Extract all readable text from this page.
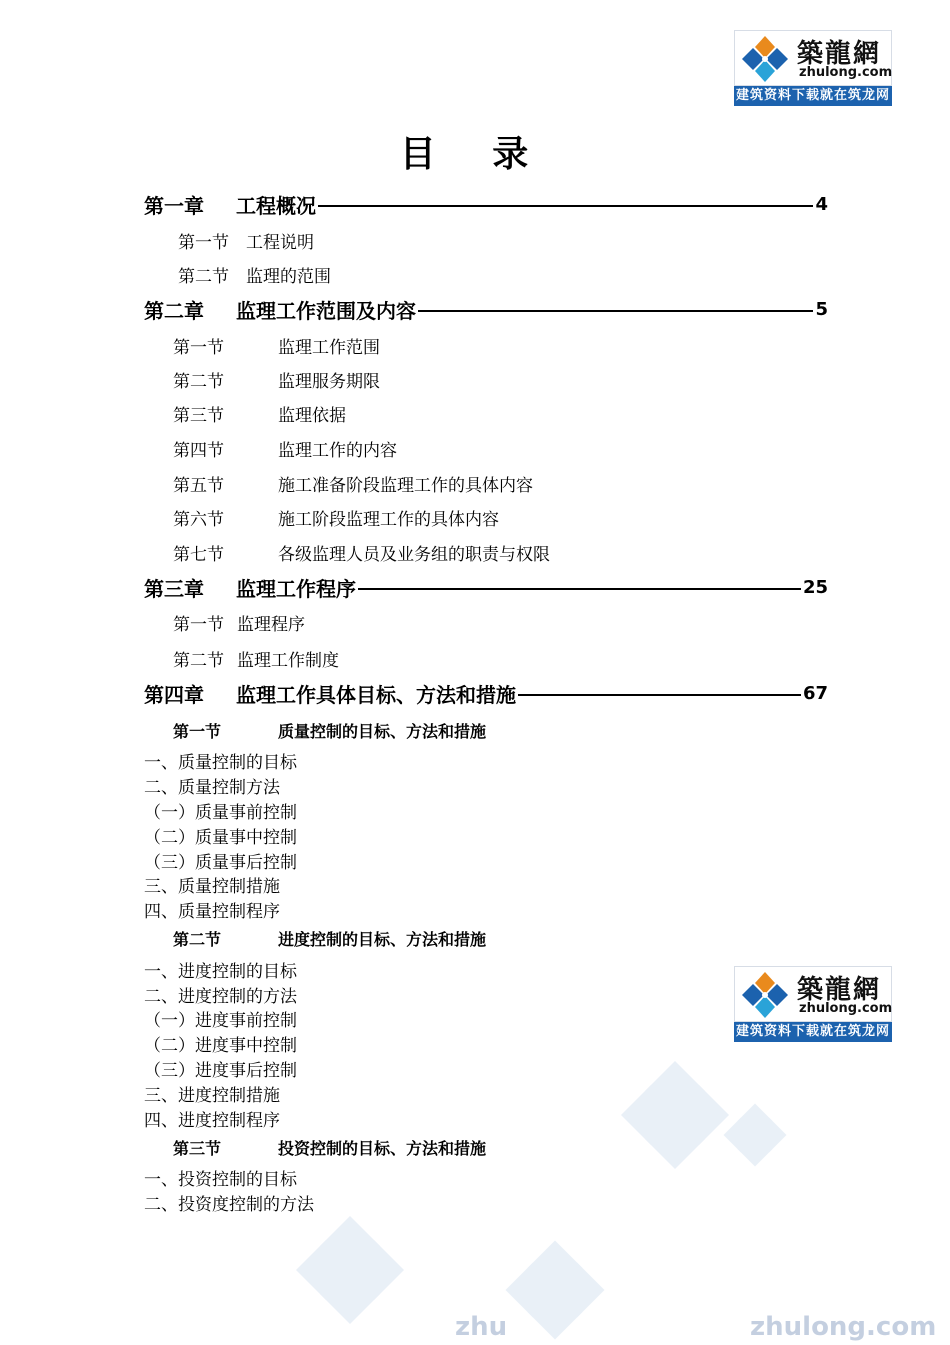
zhu	zhulong.com
築龍網
zhulong.com
建筑资料下载就在筑龙网
築龍網
zhulong.com
建筑资料下载就在筑龙网
目 录
第一章	工程概况	4
第一节	工程说明
第二节	监理的范围
第二章	监理工作范围及内容	5
第一节	监理工作范围
第二节	监理服务期限
第三节	监理依据
第四节	监理工作的内容
第五节	施工准备阶段监理工作的具体内容
第六节	施工阶段监理工作的具体内容
第七节	各级监理人员及业务组的职责与权限
第三章	监理工作程序	25
第一节 监理程序
第二节 监理工作制度
第四章	监理工作具体目标、方法和措施	67
第一节	质量控制的目标、方法和措施
一、质量控制的目标
二、质量控制方法
（一）质量事前控制
（二）质量事中控制
（三）质量事后控制
三、质量控制措施
四、质量控制程序
第二节	进度控制的目标、方法和措施
一、进度控制的目标
二、进度控制的方法
（一）进度事前控制
（二）进度事中控制
（三）进度事后控制
三、进度控制措施
四、进度控制程序
第三节	投资控制的目标、方法和措施
一、投资控制的目标
二、投资度控制的方法
